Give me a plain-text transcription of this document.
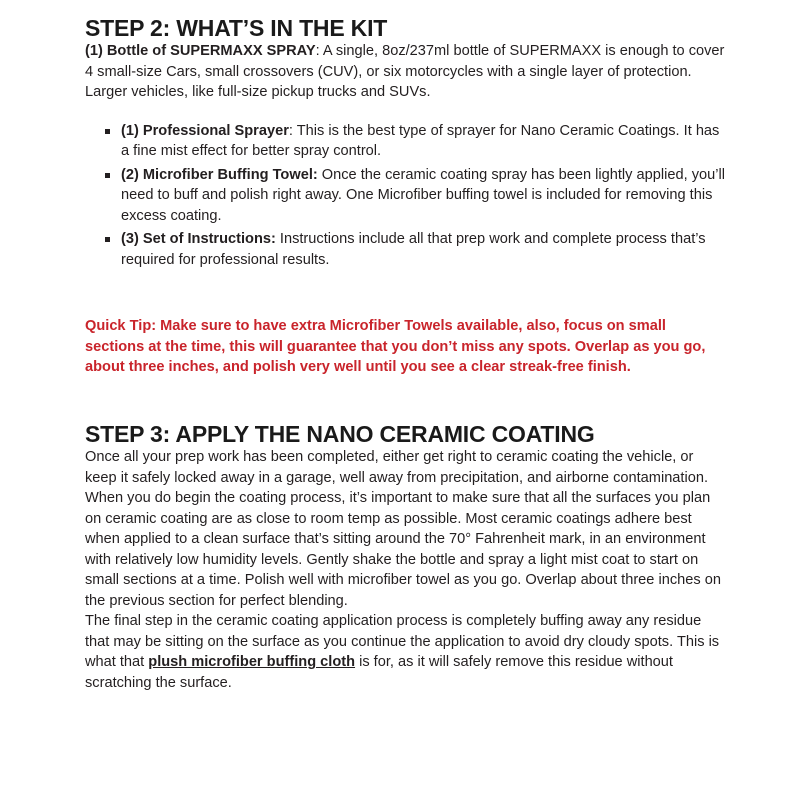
STEP 2: WHAT’S IN THE KIT

(1) Bottle of SUPERMAXX SPRAY: A single, 8oz/237ml bottle of SUPERMAXX is enough to cover 4 small-size Cars, small crossovers (CUV), or six motorcycles with a single layer of protection. Larger vehicles, like full-size pickup trucks and SUVs.

(1) Professional Sprayer: This is the best type of sprayer for Nano Ceramic Coatings. It has a fine mist effect for better spray control.
(2) Microfiber Buffing Towel: Once the ceramic coating spray has been lightly applied, you’ll need to buff and polish right away. One Microfiber buffing towel is included for removing this excess coating.
(3) Set of Instructions: Instructions include all that prep work and complete process that’s required for professional results.

Quick Tip: Make sure to have extra Microfiber Towels available, also, focus on small sections at the time, this will guarantee that you don’t miss any spots. Overlap as you go, about three inches, and polish very well until you see a clear streak-free finish.

STEP 3: APPLY THE NANO CERAMIC COATING

Once all your prep work has been completed, either get right to ceramic coating the vehicle, or keep it safely locked away in a garage, well away from precipitation, and airborne contamination.

When you do begin the coating process, it’s important to make sure that all the surfaces you plan on ceramic coating are as close to room temp as possible. Most ceramic coatings adhere best when applied to a clean surface that’s sitting around the 70° Fahrenheit mark, in an environment with relatively low humidity levels. Gently shake the bottle and spray a light mist coat to start on small sections at a time. Polish well with microfiber towel as you go. Overlap about three inches on the previous section for perfect blending.

The final step in the ceramic coating application process is completely buffing away any residue that may be sitting on the surface as you continue the application to avoid dry cloudy spots. This is what that plush microfiber buffing cloth is for, as it will safely remove this residue without scratching the surface.
